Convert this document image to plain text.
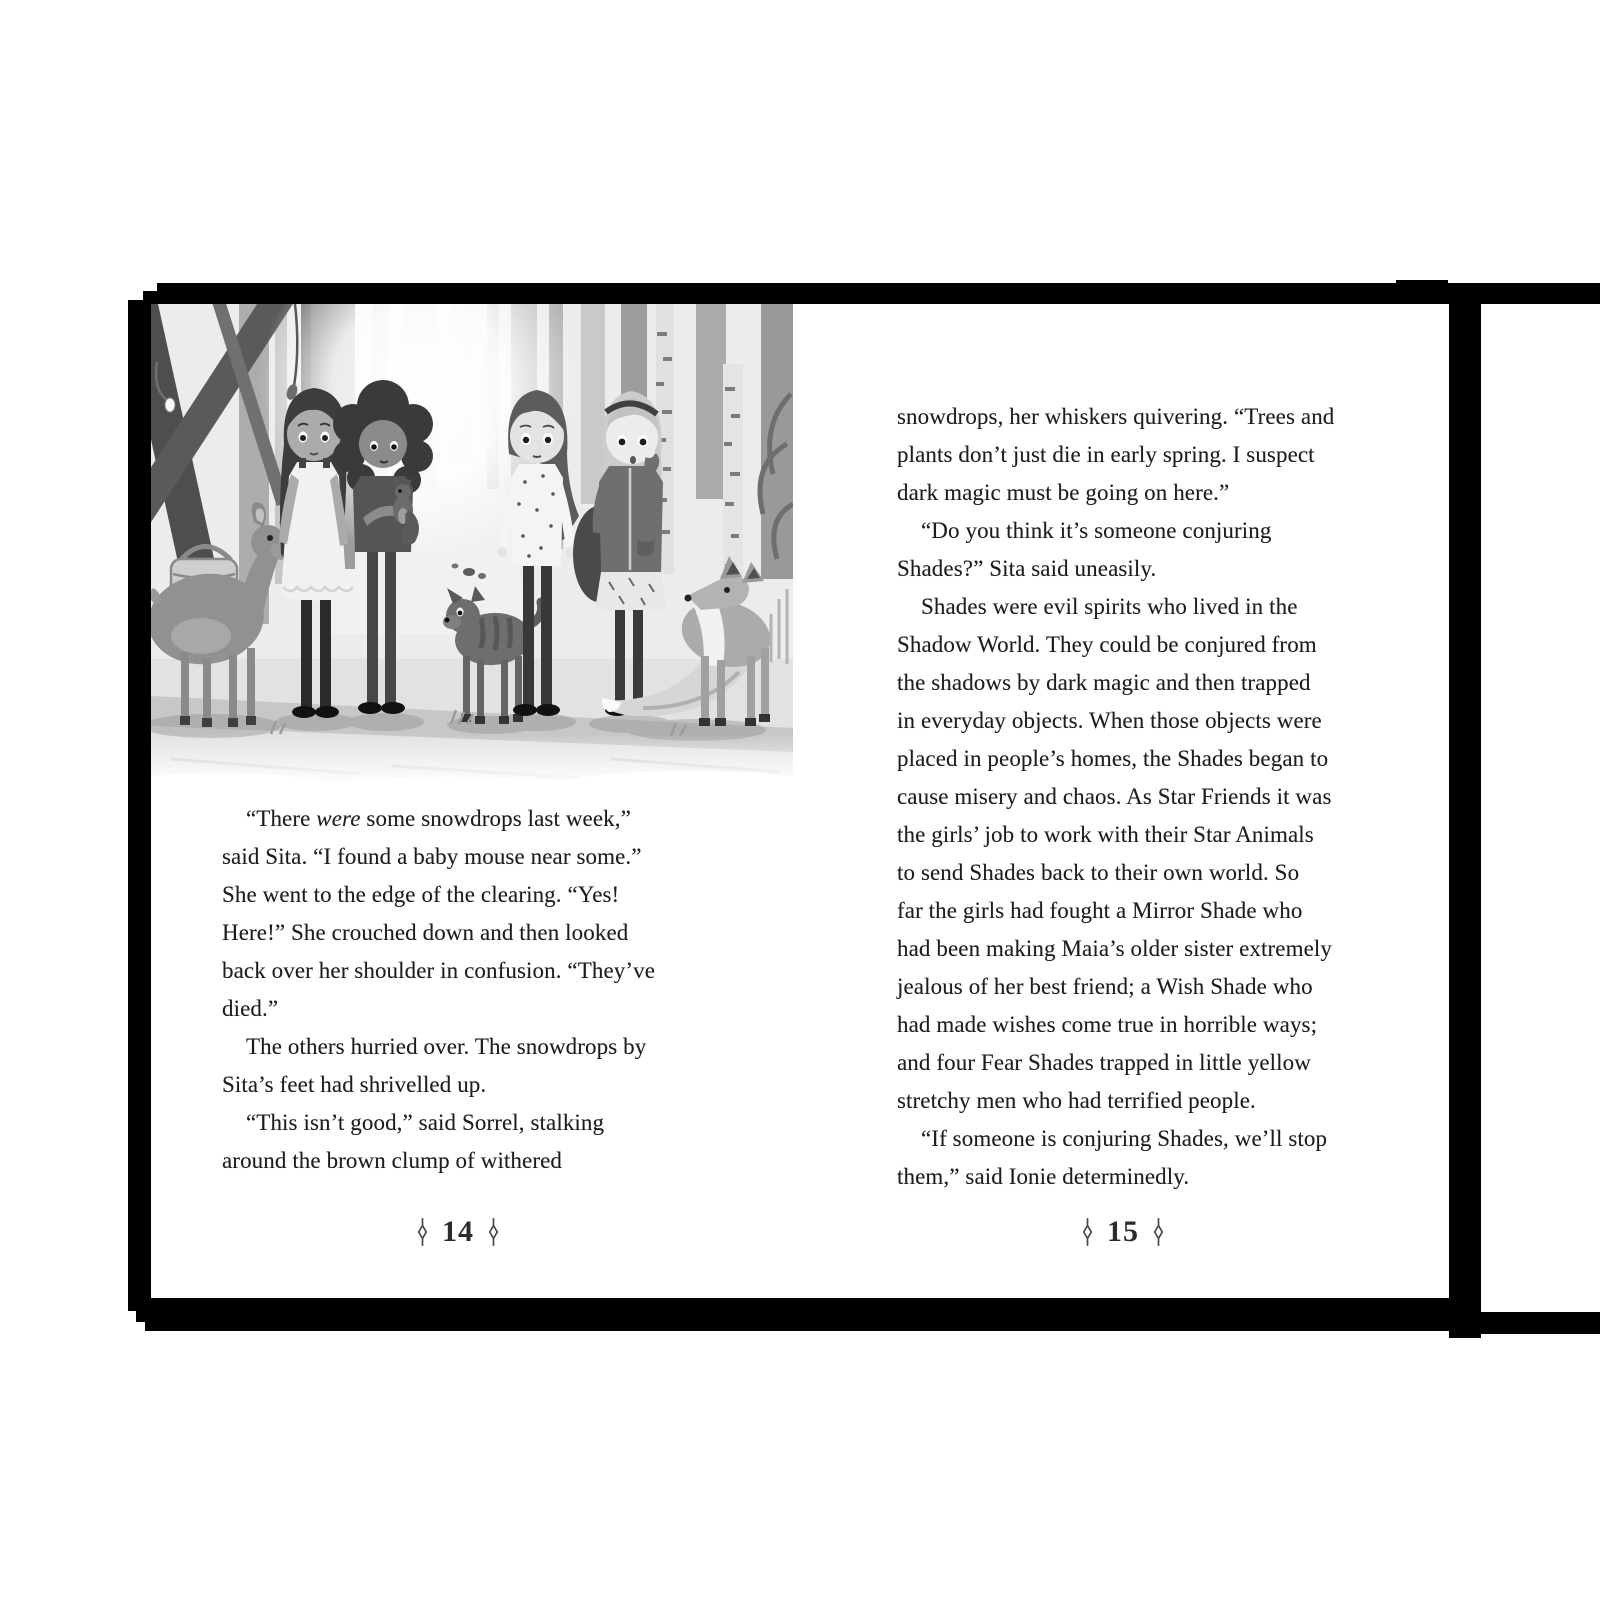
“There were some snowdrops last week,”
said Sita. “I found a baby mouse near some.”
She went to the edge of the clearing. “Yes!
Here!” She crouched down and then looked
back over her shoulder in confusion. “They’ve
died.”
The others hurried over. The snowdrops by
Sita’s feet had shrivelled up.
“This isn’t good,” said Sorrel, stalking
around the brown clump of withered
14
snowdrops, her whiskers quivering. “Trees and
plants don’t just die in early spring. I suspect
dark magic must be going on here.”
“Do you think it’s someone conjuring
Shades?” Sita said uneasily.
Shades were evil spirits who lived in the
Shadow World. They could be conjured from
the shadows by dark magic and then trapped
in everyday objects. When those objects were
placed in people’s homes, the Shades began to
cause misery and chaos. As Star Friends it was
the girls’ job to work with their Star Animals
to send Shades back to their own world. So
far the girls had fought a Mirror Shade who
had been making Maia’s older sister extremely
jealous of her best friend; a Wish Shade who
had made wishes come true in horrible ways;
and four Fear Shades trapped in little yellow
stretchy men who had terrified people.
“If someone is conjuring Shades, we’ll stop
them,” said Ionie determinedly.
15
